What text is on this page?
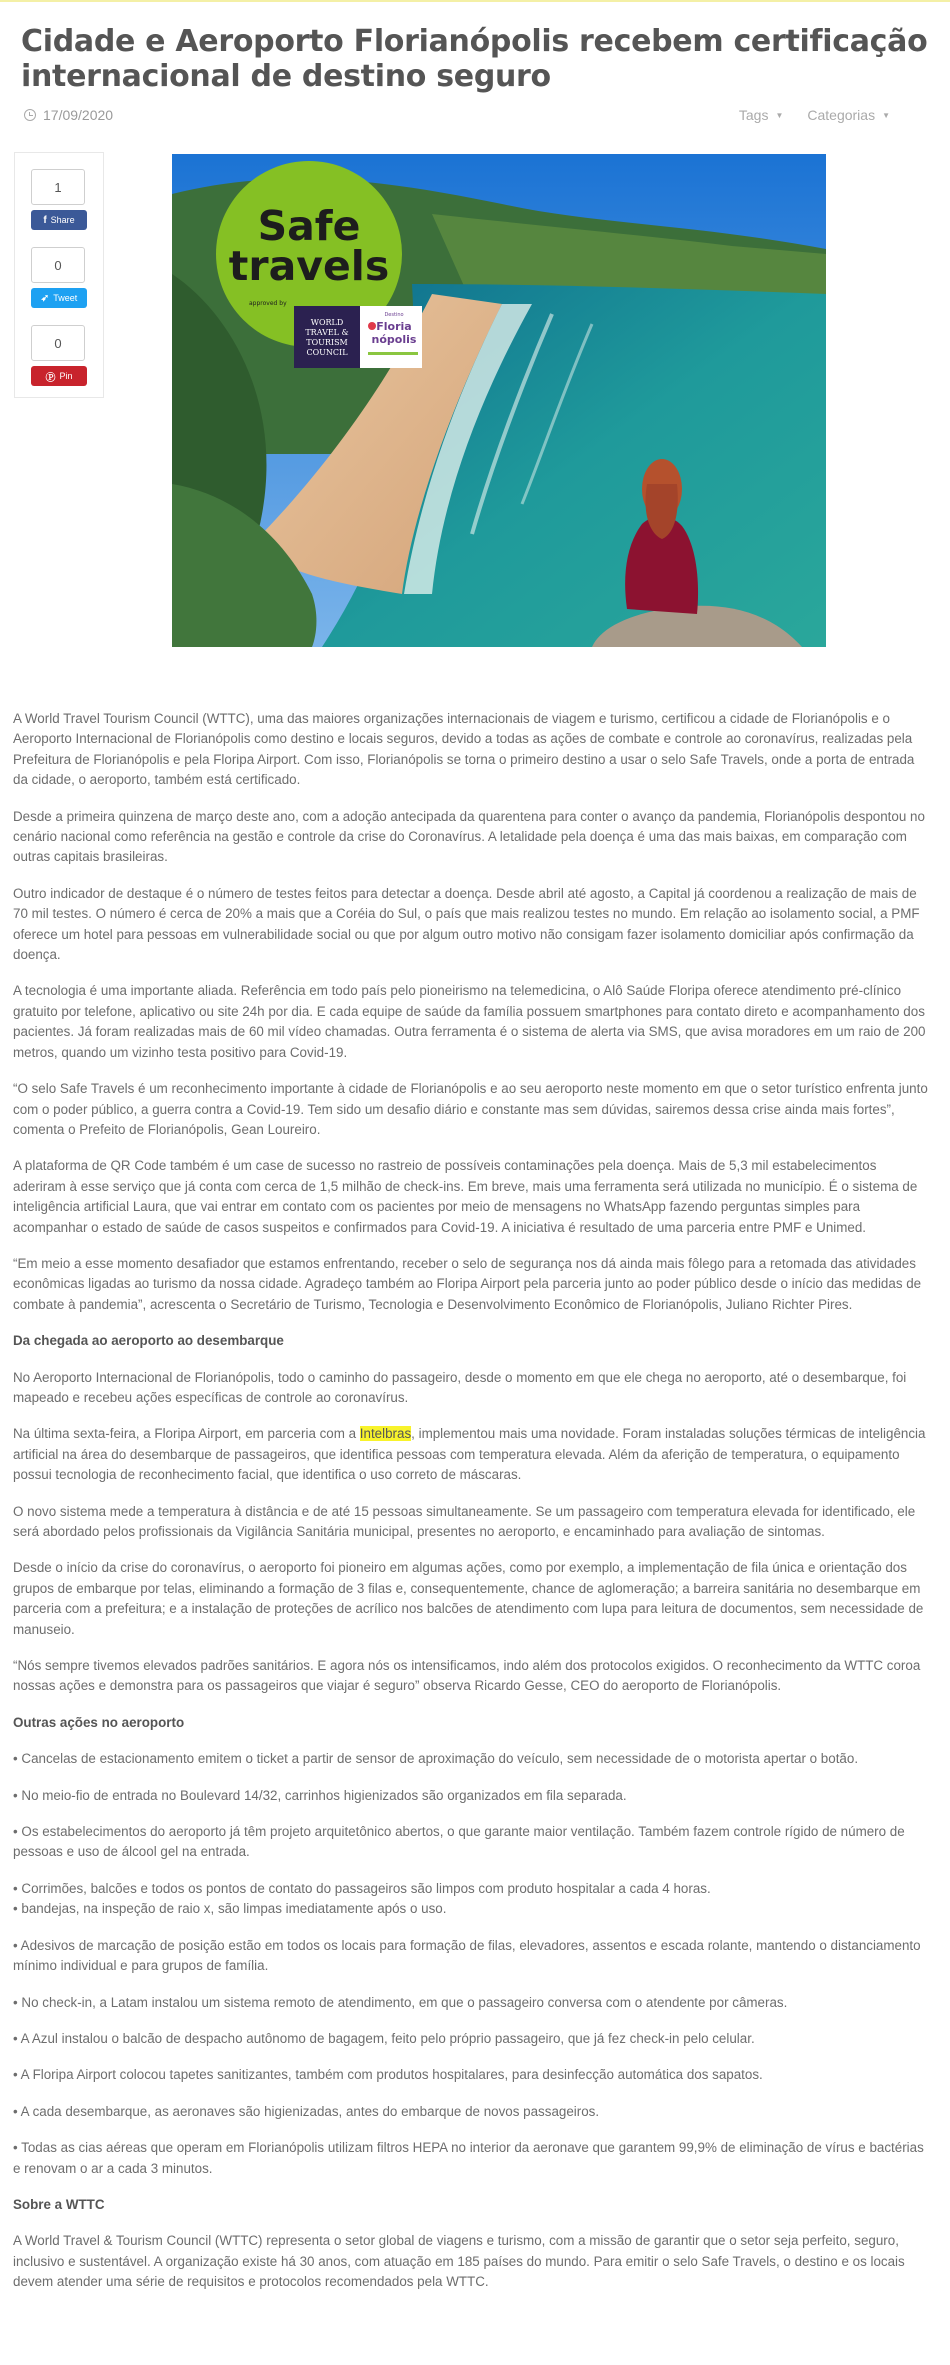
Cidade e Aeroporto Florianópolis recebem certificação internacional de destino seguro
17/09/2020	Tags ▼ Categorias ▼
1
f Share
0
➶ Tweet
0
Ⓟ Pin
Safe
travels
approved by
WORLD
TRAVEL &
TOURISM
COUNCIL
Destino
Floria
nópolis

A World Travel Tourism Council (WTTC), uma das maiores organizações internacionais de viagem e turismo, certificou a cidade de Florianópolis e o Aeroporto Internacional de Florianópolis como destino e locais seguros, devido a todas as ações de combate e controle ao coronavírus, realizadas pela Prefeitura de Florianópolis e pela Floripa Airport. Com isso, Florianópolis se torna o primeiro destino a usar o selo Safe Travels, onde a porta de entrada da cidade, o aeroporto, também está certificado.

Desde a primeira quinzena de março deste ano, com a adoção antecipada da quarentena para conter o avanço da pandemia, Florianópolis despontou no cenário nacional como referência na gestão e controle da crise do Coronavírus. A letalidade pela doença é uma das mais baixas, em comparação com outras capitais brasileiras.

Outro indicador de destaque é o número de testes feitos para detectar a doença. Desde abril até agosto, a Capital já coordenou a realização de mais de 70 mil testes. O número é cerca de 20% a mais que a Coréia do Sul, o país que mais realizou testes no mundo. Em relação ao isolamento social, a PMF oferece um hotel para pessoas em vulnerabilidade social ou que por algum outro motivo não consigam fazer isolamento domiciliar após confirmação da doença.

A tecnologia é uma importante aliada. Referência em todo país pelo pioneirismo na telemedicina, o Alô Saúde Floripa oferece atendimento pré-clínico gratuito por telefone, aplicativo ou site 24h por dia. E cada equipe de saúde da família possuem smartphones para contato direto e acompanhamento dos pacientes. Já foram realizadas mais de 60 mil vídeo chamadas. Outra ferramenta é o sistema de alerta via SMS, que avisa moradores em um raio de 200 metros, quando um vizinho testa positivo para Covid-19.

“O selo Safe Travels é um reconhecimento importante à cidade de Florianópolis e ao seu aeroporto neste momento em que o setor turístico enfrenta junto com o poder público, a guerra contra a Covid-19. Tem sido um desafio diário e constante mas sem dúvidas, sairemos dessa crise ainda mais fortes”, comenta o Prefeito de Florianópolis, Gean Loureiro.

A plataforma de QR Code também é um case de sucesso no rastreio de possíveis contaminações pela doença. Mais de 5,3 mil estabelecimentos aderiram à esse serviço que já conta com cerca de 1,5 milhão de check-ins. Em breve, mais uma ferramenta será utilizada no município. É o sistema de inteligência artificial Laura, que vai entrar em contato com os pacientes por meio de mensagens no WhatsApp fazendo perguntas simples para acompanhar o estado de saúde de casos suspeitos e confirmados para Covid-19. A iniciativa é resultado de uma parceria entre PMF e Unimed.

“Em meio a esse momento desafiador que estamos enfrentando, receber o selo de segurança nos dá ainda mais fôlego para a retomada das atividades econômicas ligadas ao turismo da nossa cidade. Agradeço também ao Floripa Airport pela parceria junto ao poder público desde o início das medidas de combate à pandemia”, acrescenta o Secretário de Turismo, Tecnologia e Desenvolvimento Econômico de Florianópolis, Juliano Richter Pires.

Da chegada ao aeroporto ao desembarque

No Aeroporto Internacional de Florianópolis, todo o caminho do passageiro, desde o momento em que ele chega no aeroporto, até o desembarque, foi mapeado e recebeu ações específicas de controle ao coronavírus.

Na última sexta-feira, a Floripa Airport, em parceria com a Intelbras, implementou mais uma novidade. Foram instaladas soluções térmicas de inteligência artificial na área do desembarque de passageiros, que identifica pessoas com temperatura elevada. Além da aferição de temperatura, o equipamento possui tecnologia de reconhecimento facial, que identifica o uso correto de máscaras.

O novo sistema mede a temperatura à distância e de até 15 pessoas simultaneamente. Se um passageiro com temperatura elevada for identificado, ele será abordado pelos profissionais da Vigilância Sanitária municipal, presentes no aeroporto, e encaminhado para avaliação de sintomas.

Desde o início da crise do coronavírus, o aeroporto foi pioneiro em algumas ações, como por exemplo, a implementação de fila única e orientação dos grupos de embarque por telas, eliminando a formação de 3 filas e, consequentemente, chance de aglomeração; a barreira sanitária no desembarque em parceria com a prefeitura; e a instalação de proteções de acrílico nos balcões de atendimento com lupa para leitura de documentos, sem necessidade de manuseio.

“Nós sempre tivemos elevados padrões sanitários. E agora nós os intensificamos, indo além dos protocolos exigidos. O reconhecimento da WTTC coroa nossas ações e demonstra para os passageiros que viajar é seguro” observa Ricardo Gesse, CEO do aeroporto de Florianópolis.

Outras ações no aeroporto

• Cancelas de estacionamento emitem o ticket a partir de sensor de aproximação do veículo, sem necessidade de o motorista apertar o botão.

• No meio-fio de entrada no Boulevard 14/32, carrinhos higienizados são organizados em fila separada.

• Os estabelecimentos do aeroporto já têm projeto arquitetônico abertos, o que garante maior ventilação. Também fazem controle rígido de número de pessoas e uso de álcool gel na entrada.

• Corrimões, balcões e todos os pontos de contato do passageiros são limpos com produto hospitalar a cada 4 horas.

• bandejas, na inspeção de raio x, são limpas imediatamente após o uso.

• Adesivos de marcação de posição estão em todos os locais para formação de filas, elevadores, assentos e escada rolante, mantendo o distanciamento mínimo individual e para grupos de família.

• No check-in, a Latam instalou um sistema remoto de atendimento, em que o passageiro conversa com o atendente por câmeras.

• A Azul instalou o balcão de despacho autônomo de bagagem, feito pelo próprio passageiro, que já fez check-in pelo celular.

• A Floripa Airport colocou tapetes sanitizantes, também com produtos hospitalares, para desinfecção automática dos sapatos.

• A cada desembarque, as aeronaves são higienizadas, antes do embarque de novos passageiros.

• Todas as cias aéreas que operam em Florianópolis utilizam filtros HEPA no interior da aeronave que garantem 99,9% de eliminação de vírus e bactérias e renovam o ar a cada 3 minutos.

Sobre a WTTC

A World Travel & Tourism Council (WTTC) representa o setor global de viagens e turismo, com a missão de garantir que o setor seja perfeito, seguro, inclusivo e sustentável. A organização existe há 30 anos, com atuação em 185 países do mundo. Para emitir o selo Safe Travels, o destino e os locais devem atender uma série de requisitos e protocolos recomendados pela WTTC.
